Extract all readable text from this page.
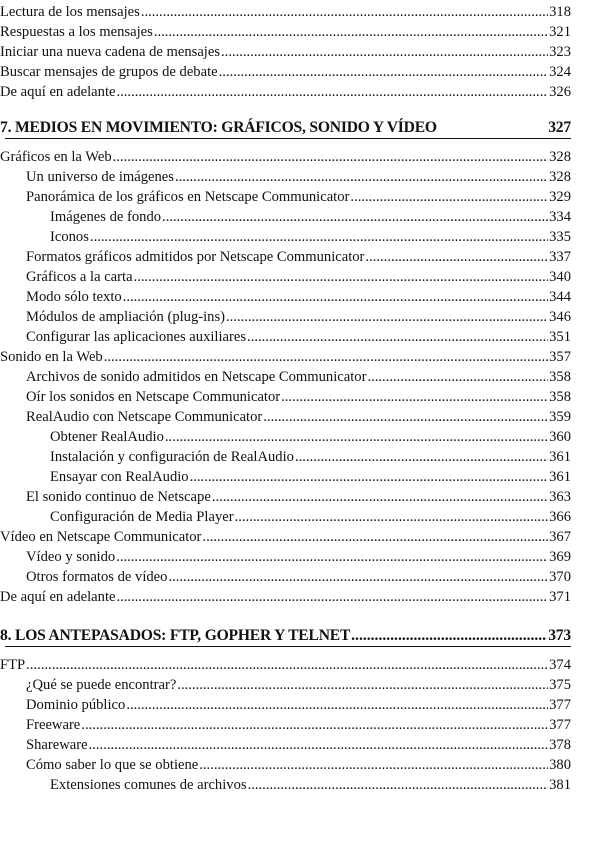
Lectura de los mensajes .....	318
Respuestas a los mensajes .....	321
Iniciar una nueva cadena de mensajes .....	323
Buscar mensajes de grupos de debate .....	324
De aquí en adelante .....	326
7. MEDIOS EN MOVIMIENTO: GRÁFICOS, SONIDO Y VÍDEO	327
Gráficos en la Web .....	328
Un universo de imágenes .....	328
Panorámica de los gráficos en Netscape Communicator .....	329
Imágenes de fondo .....	334
Iconos .....	335
Formatos gráficos admitidos por Netscape Communicator .....	337
Gráficos a la carta .....	340
Modo sólo texto .....	344
Módulos de ampliación (plug-ins) .....	346
Configurar las aplicaciones auxiliares .....	351
Sonido en la Web .....	357
Archivos de sonido admitidos en Netscape Communicator .....	358
Oír los sonidos en Netscape Communicator .....	358
RealAudio con Netscape Communicator .....	359
Obtener RealAudio .....	360
Instalación y configuración de RealAudio .....	361
Ensayar con RealAudio .....	361
El sonido continuo de Netscape .....	363
Configuración de Media Player .....	366
Vídeo en Netscape Communicator .....	367
Vídeo y sonido .....	369
Otros formatos de vídeo .....	370
De aquí en adelante .....	371
8. LOS ANTEPASADOS: FTP, GOPHER Y TELNET .....	373
FTP .....	374
¿Qué se puede encontrar? .....	375
Dominio público .....	377
Freeware .....	377
Shareware .....	378
Cómo saber lo que se obtiene .....	380
Extensiones comunes de archivos .....	381
